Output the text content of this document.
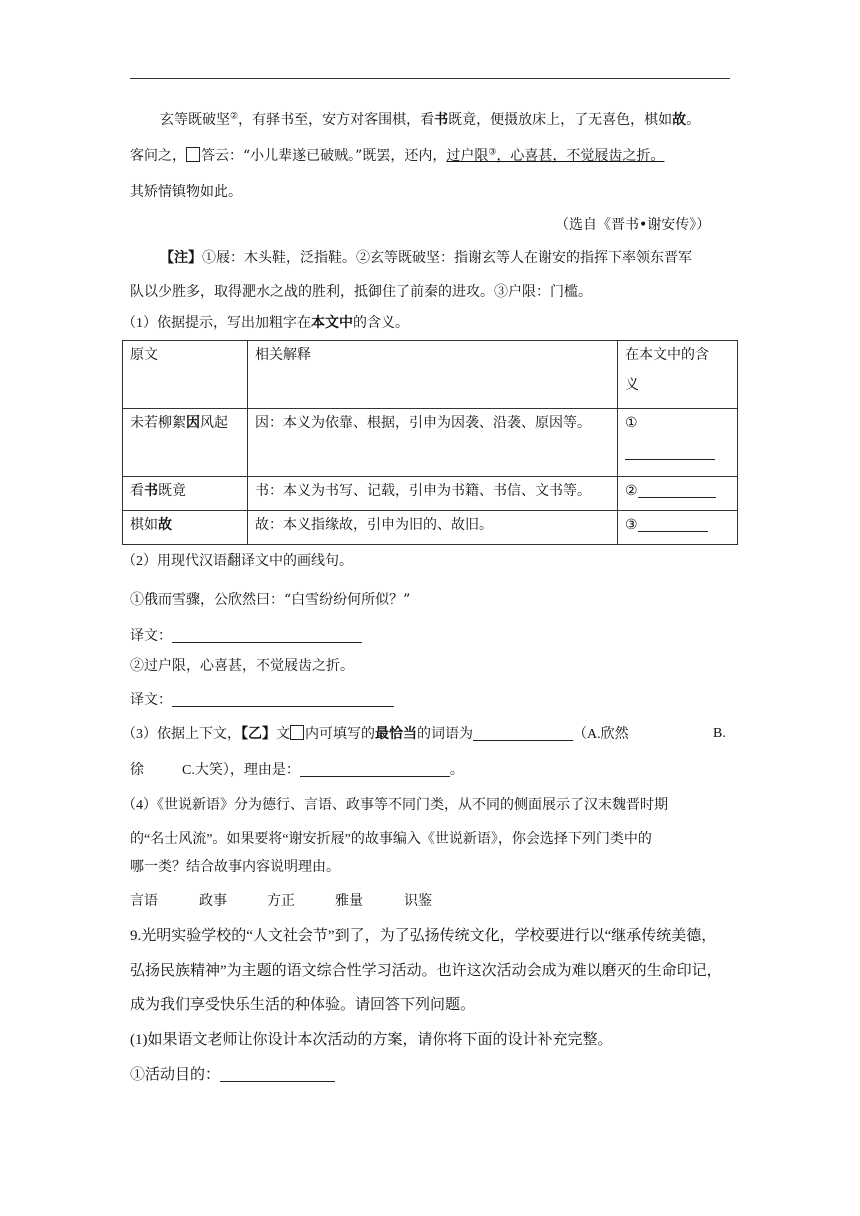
玄等既破坚②，有驿书至，安方对客围棋，看书既竟，便摄放床上，了无喜色，棋如故。
客问之， 答云：“小儿辈遂已破贼。”既罢，还内，过户限③，心喜甚，不觉屐齿之折。
其矫情镇物如此。
（选自《晋书•谢安传》）
【注】①屐：木头鞋，泛指鞋。②玄等既破坚：指谢玄等人在谢安的指挥下率领东晋军
队以少胜多，取得淝水之战的胜利，抵御住了前秦的进攻。③户限：门槛。
（1）依据提示，写出加粗字在本文中的含义。
原文	相关解释	在本文中的含
义

未若柳絮因风起	因：本义为依靠、根据，引申为因袭、沿袭、原因等。	①

看书既竟	书：本义为书写、记载，引申为书籍、书信、文书等。	②
棋如故	故：本义指缘故，引申为旧的、故旧。	③
（2）用现代汉语翻译文中的画线句。
①俄而雪骤，公欣然曰：“白雪纷纷何所似？”
译文：
②过户限，心喜甚，不觉屐齿之折。
译文：
（3）依据上下文，【乙】文 内可填写的最恰当的词语为	（A.欣然	B.
徐	C.大笑），理由是：	。
（4）《世说新语》分为德行、言语、政事等不同门类，从不同的侧面展示了汉末魏晋时期
的“名士风流”。如果要将“谢安折屐”的故事编入《世说新语》，你会选择下列门类中的
哪一类？结合故事内容说明理由。
言语	政事	方正	雅量	识鉴
9.光明实验学校的“人文社会节”到了，为了弘扬传统文化，学校要进行以“继承传统美德，
弘扬民族精神”为主题的语文综合性学习活动。也许这次活动会成为难以磨灭的生命印记，
成为我们享受快乐生活的种体验。请回答下列问题。
(1)如果语文老师让你设计本次活动的方案，请你将下面的设计补充完整。
①活动目的：
